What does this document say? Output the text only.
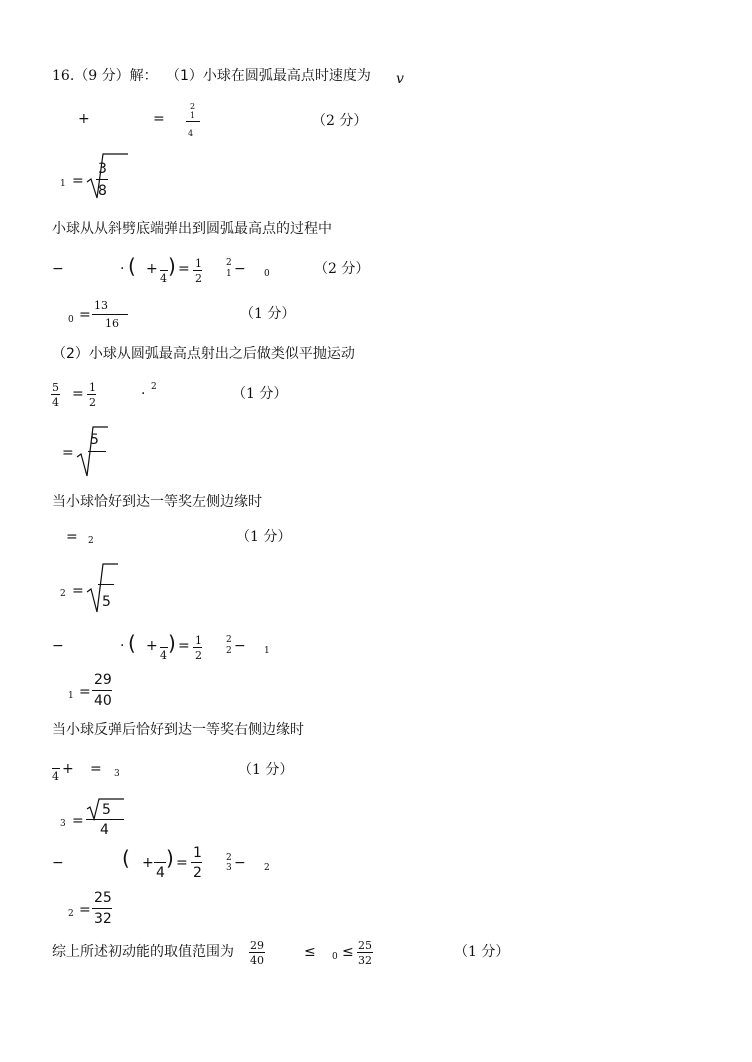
16.（9 分）解： （1）小球在圆弧最高点时速度为 v
+	=
2
1
4
（2 分）
1 =
3
8
小球从从斜劈底端弹出到圆弧最高点的过程中
−	· ( +
4
) = 1
2
2
1 − 0	（2 分）
0 =
13
16
（1 分）
（2）小球从圆弧最高点射出之后做类似平抛运动
5
4
= 1
2
· 2	（1 分）
=
5
当小球恰好到达一等奖左侧边缘时
= 2	（1 分）
2 =
5
−	· ( +
4
) = 1
2
2
2 − 1
1 =
29
40
当小球反弹后恰好到达一等奖右侧边缘时
4 + = 3	（1 分）
3 =
5
4
−	( +
4
) =
1
2
2
3 − 2
2 =
25
32
综上所述初动能的取值范围为 29
40
≤ 0 ≤ 25
32
（1 分）
